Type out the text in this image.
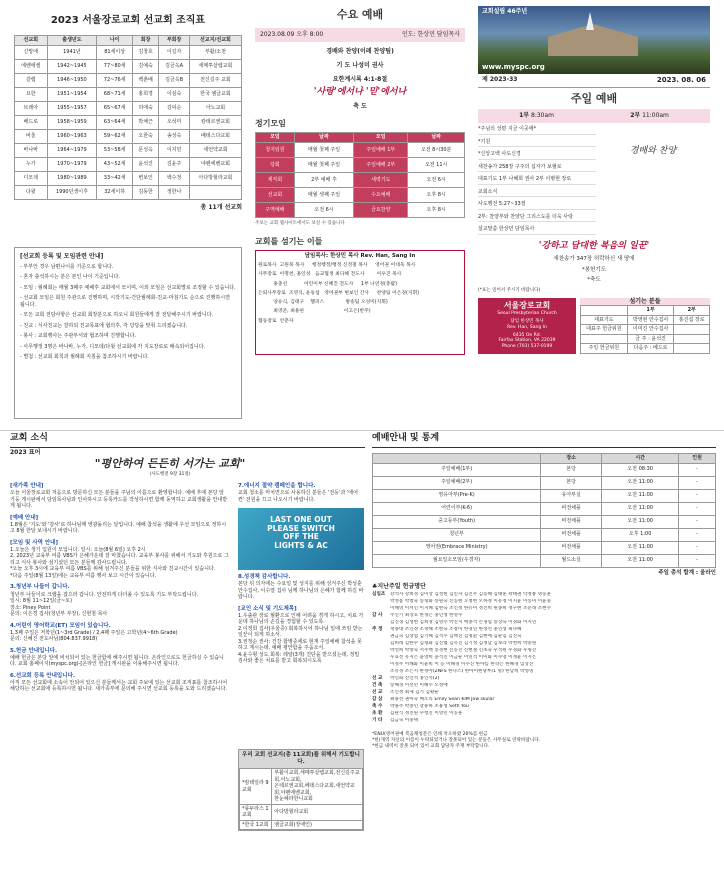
2023 서울장로교회 선교회 조직표
선교회	출생년도	나이	회장	부회장	선교지/선교회
신망애	1941년	81세이상	김창호	이길자	부활/소천
에벤에셀	1942~1945	77~80세	김예숙	김금옥A	세메투살렘교회
갈렙	1946~1950	72~76세	백춘배	김금옥B	전신길주 교회
요한	1951~1954	68~71세	홍희경	이심숙	한국 엠글교회
브레아	1955~1957	65~67세	허애숙	김덕순	아노교회
베드로	1958~1959	63~64세	박채근	오석미	캄테르엔교회
바울	1960~1963	59~62세	오한숙	송성숙	베데스다교회
바나바	1964~1979	53~58세	문성옥	이지민	새언약교회
누가	1970~1979	43~52세	윤석진	김윤주	야펜에벤교회
디모데	1980~1989	33~42세	변보인	백수정	아다방헐라교회
다윗	1990년생이후	32세이하	김동한	정한나	
총 11개 선교회
[선교회 등록 및 모임관련 안내]
- 부부인 경우 남편나이를 기준으로 합니다.
- 혼자 출석하시는 분은 본인 나이 기준입니다.
- 모임 : 월례회는 매월 3째주 예배후 교회에서 모이며, 이외 모임은 선교회별로 조정할 수 있습니다.
- 선교회 모임은 회원 주관으로 진행하며, 시작기도-간단월례회-친교-마침기도 순으로 진행하시면 됩니다.
- 모든 교회 전담사항은 선교회 회장분으로 하오니 회원들에게 잘 전달해주시기 바랍니다.
- 친교 : 식사친교는 잘하되 친교목표에 협의후, 각 당당을 맞춰 드리겠습니다.
- 봉사 : 교회행사는 주관부서와 협조하며 진행합니다.
- 사무행정 3명은 바나바, 누가, 디모데/다윗 선교회에 각 지도장로로 배속되어집니다.
- 별첨 : 선교회 회칙과 월례회 지침을 참조하시기 바랍니다.
수요 예배
2023.08.09 오후 8:00	인도: 한상민 담임목사
경배와 찬양(이레 찬양팀)
기 도 나성미 권사
요한계시록 4:1-8절
'사랑'에서나 '믿'에서나
축 도
정기모임
모임	날짜	모임	날짜
청지임원	매월 첫째 주일	주일예배 1부	오전 8시30분
당회	매월 첫째 주일	주일예배 2부	오전 11시
제직회	2부 예배 후	새벽기도	오전 6시
선교회	매월 셋째 주일	수요예배	오후 8시
구역예배	오전 6시	금요찬양	오후 8시
주보는 교회 웹사이트에서도 보실 수 있습니다
교회를 섬기는 이들
담임목사: 한상민 목사 Rev. Han, Sang In
원로목사  고원묵 목사     행정행정/행정 신정철 목사     영어권 이대욱 목사
사무장로  이명천, 홍인성   음교협생 최다해 전도사        이우진 목사
홍충선           어린이부 신혜진 전도사     1부 나연경(총괄)
은퇴사무장로  조영식, 윤동섭   영어권부 변보인 간사     찬양팀 이은경(지휘)
양유식, 김태구    헬퍼스              방송팀 오성미(지휘)
최영준, 최용한                          이고은(반주)
협동장로  안춘자
교회설립 46주년
www.myspc.org
제 2023-33	2023. 08. 06
주일 예배
1부 8:30am	2부 11:00am
*주님의 성령 지금 이곳에*
*기원
*신앙고백 사도신경
새찬송가 258장 구주의 십자가 보혈로
대표기도 1부 나혜희 권사 2부 이병현 장로
교회소식
사도행전 5:27~33절
2부: 찬양부와 찬양단 그리스도를 더욱 사랑
설교말씀 한상민 담임목사
경배와 찬양
'강하고 담대한 복음의 일꾼'
새찬송가 347장 허락하신 새 땅에
*봉헌기도
*축도
(*표는 일어서 주시기 바랍니다)
서울장로교회
Seoul Presbyterian Church
담임 한상민 목사
Rev. Han, Sang In
6435 Oe Rd.
Fairfax Station, VA 22039
Phone (703) 537-0199
섬기는 분들
	1부	2부
대표기도	박영현 안수집사	홍진섭 장로
대표주 헌금위원	이미진 안수집사	
	금 주 : 윤석진	
주일 헌금위원	다음주 : 베드로	
교회 소식
2023 표어
"평안하여 든든히 서가는 교회"
(사도행전 9장 31절)
[새가족 안내]
오늘 서울장로교회 처음으로 방문하신 모든 분들을 주님의 이름으로 환영합니다. 예배 후에 본당 앞 기둥 게시판에서 담임목사님과 인사하시고 등록카드를 작성하시면 함께 동역하고 교회생활을 안내받게 됩니다.
[예배 안내]
1.8월은 '기도'와 '감사'로 하나님께 영광돌리는 달입니다. 예배 참석을 생활에 우선 모임으로 정하시고 8월 한달 보내시기 바랍니다.
[모임 및 사역 안내]
1.오늘은 생기 입원이 모입니다. 일시: 오늘(8월 6일) 오후 2시
2. 2023년 교육부 여름 VBS가 은혜가운데 잘 마쳤습니다. 교육부 봉사를 위해서 기도와 후원으로 그리고 식사 봉사와 섬기셨던 모든 분들께 감사드립니다.
*오늘 오후 3시에 교육부 여름 VBS를 위해 섬겨주신 분들을 위한 식사와 친교시간이 있습니다.
*다음 주일(8월 13일)에는 교육부 여름 행사 보고 시간이 있습니다.
3.청년부 나들이 갑니다.
청년부 나들이로 크랩을 잡으러 갑니다. 안전하게 다녀올 수 있도록 기도 부탁드립니다.
일시: 8월 11~12일(금~토)
장소: Piney Point
문의: 이은경 집사(청년부 부장), 신현철 목사
4.어린이 영어학교(ET) 모임이 있습니다.
1,3째 주일은 저학년(1~3rd Grade) / 2,4째 주일은 고학년(4~6th Grade)
문의: 신혜진 전도사님(804.837.9918)
5.헌금 안내입니다.
예배 헌금은 본당 앞에 비치되어 있는 헌금함에 해주시면 됩니다. 온라인으로도 헌금하실 수 있습니다. 교회 홈페이지(myspc.org)-[온라인 헌금] 게시판을 이용해주시면 됩니다.
6.선교회 등록 안내입니다.
아직 모든 선교회에 소속이 안되어 있으신 분들께서는 교회 주보에 있는 선교회 조직표를 참조하시어 해당하는 선교회에 등록하시면 됩니다. 새가족부에 문의해 주시면 선교회 등록을 도와 드리겠습니다.
7.에너지 절약 캠페인을 합니다.
교회 청소를 마치면으로 사용하신 분들은 '전등'과 '에어컨' 전원을 끄고 나오시기 바랍니다.
LAST ONE OUT
PLEASE SWITCH
OFF THE
LIGHTS & AC
8.성경책 감사합니다.
본당 뒤 의자에는 수요일 및 성지를 위해 성겨주신 박성훈 안수집사, 이수열 집사 님께 하나님의 은혜가 함께 하길 바랍니다.
[교인 소식 및 기도제목]
1.우출관 장로 월환으로 인해 어려움 겪게 하시고, 치료 가운데 하나님의 손길을 경험할 수 있도록.
2.이정희 집사(우울증) 회복하시어 하나님 일에 쓰임 받는 일꾼이 되게 하소서.
3.권정순 권사: 건강 합병증세로 현재 주일예배 참석을 못하고 계시는데, 예배 평안함을 주옵소서.
4.윤수형 성도 회복: 레알(3개) 진단을 받으셨는데, 정밀 검사와 좋은 치료를 받고 회복되시도록
우리 교회 선교지(총 11교회)를 위해서 기도합니다.
*캄테일라 9교회	부활이교회,세메투살렘교회,전신길주교회,아노교회,
온테르엔교회,베데스다교회,새언약교회,야펜에벤교회,
한눈헤라한니교회
*몽두라스 1교회	아다방헐라교회
*한국 1교회	엠글교회(장애인)
예배안내 및 통계
	장소	시간	인원
주일예배(1부)	본당	오전 08:30	-
주일예배(2부)	본당	오전 11:00	-
영유아부(Pre-K)	유아부실	오전 11:00	-
어린이부(K-6)	비전채플	오전 11:00	-
중고등부(Youth)	비전채플	오전 11:00	-
청년부	비전채플	오후 1:00	-
영어권(Embrace Ministry)	비전채플	오전 11:00	-
월요일소모임(우경자)	월드소실	오전 11:00	-
주일 총석 합계 : 울라인
♣지난주일 헌금명단
십일조	강석자 강희경 김미상 김성헌 김인자 김진주 김동해 김태훈 곽태권 탁정룡 명동훈
박성흠 박창숙 송형화 송원숙 신동현 오정현 오하정 이유정 이지윤 이동미 이윤중
이해영 이서인 이지혜 임현숙 조인정 한유미 정진희 원종희 정구현 조문래 조현주
감 사	주신기 최상호 한경은 홍인성 한성수
김진경 김성현 김희경 김영수 박진지 백종석 손경섭 송상숙 이경화 이지민
주 정	정종대 조인정 조정해 조현숙 조창미 한경연 한성선 홍인성 최다혜
권금숙 김상섭 김기혜 김석수 김백진 김명환 김현애 김순임 김진숙
김희래 김한수 김형화 김진범 김유진 김기성 김정남 김보라 박천희 박중원
박선희 박창숙 서주백 송경현 신동진 신현철 신초숙 우석원 우경화 우형진
우효선 유지은 윤영희 윤석진 이금순 이연석 이미화 이수영 이재윤 이지은
이정주 이해화 이윤희 이 등 이해경 이수진 한아름 한학은 한혜경 임상진
조유경 조은지 한정아(ZNFS 한나스) 한아이현당부(1 명) 한남희 박영명
선 교	박신화 진인석 홍인석(2)
건 축	송혜경 이선민 이해수 오성애
선 교	조인정 최제 김기 김황순
감 삼	최용선 권미숙 배소리 Emily Sean KIM Jow skular
축 수	박용주 박종민 장용하 조용성 Seth You
초 환	김관식 정진원 수청진 이영민 이동훈
기 타	김금숙 이중택
*ENU(영어권예 복음채칭문은 인쇄 착오하였 20%를 헌금
*헌(개역 자신의 이름이 누락되었거나 잘못되어 있는 분들은 사무실로 연락바랍니다.
*헌금 내역이 잘못 되어 있어 교회 담당자 주재 부탁합니다.
